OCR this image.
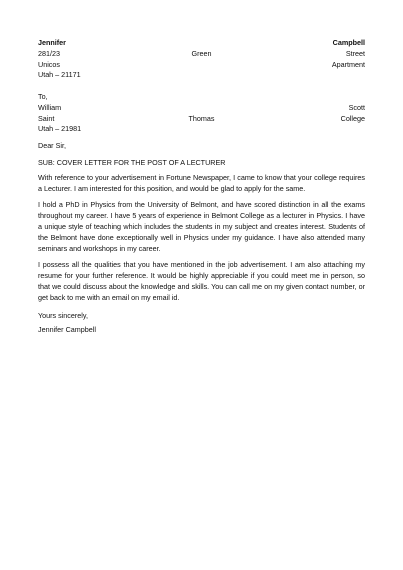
Jennifer	Campbell
281/23	Green	Street
Unicos	Apartment
Utah – 21171
To,
William	Scott
Saint	Thomas	College
Utah – 21981
Dear Sir,
SUB: COVER LETTER FOR THE POST OF A LECTURER

With reference to your advertisement in Fortune Newspaper, I came to know that your college requires a Lecturer. I am interested for this position, and would be glad to apply for the same.

I hold a PhD in Physics from the University of Belmont, and have scored distinction in all the exams throughout my career. I have 5 years of experience in Belmont College as a lecturer in Physics. I have a unique style of teaching which includes the students in my subject and creates interest. Students of the Belmont have done exceptionally well in Physics under my guidance. I have also attended many seminars and workshops in my career.

I possess all the qualities that you have mentioned in the job advertisement. I am also attaching my resume for your further reference. It would be highly appreciable if you could meet me in person, so that we could discuss about the knowledge and skills. You can call me on my given contact number, or get back to me with an email on my email id.

Yours sincerely,
Jennifer Campbell
